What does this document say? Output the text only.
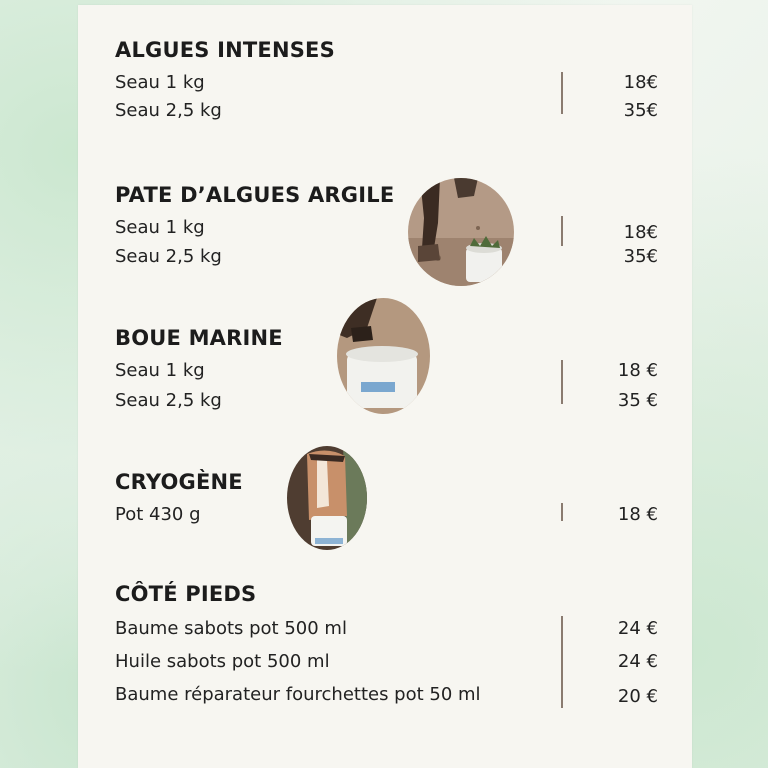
ALGUES INTENSES

Seau 1 kg

Seau 2,5 kg

18€

35€

PATE D’ALGUES ARGILE

Seau 1 kg

Seau 2,5 kg

18€

35€

BOUE MARINE

Seau 1 kg

Seau 2,5 kg

18 €

35 €

CRYOGÈNE

Pot 430 g	18 €

CÔTÉ PIEDS

Baume sabots pot 500 ml

Huile sabots pot 500 ml

Baume réparateur fourchettes pot 50 ml

24 €

24 €

20 €
